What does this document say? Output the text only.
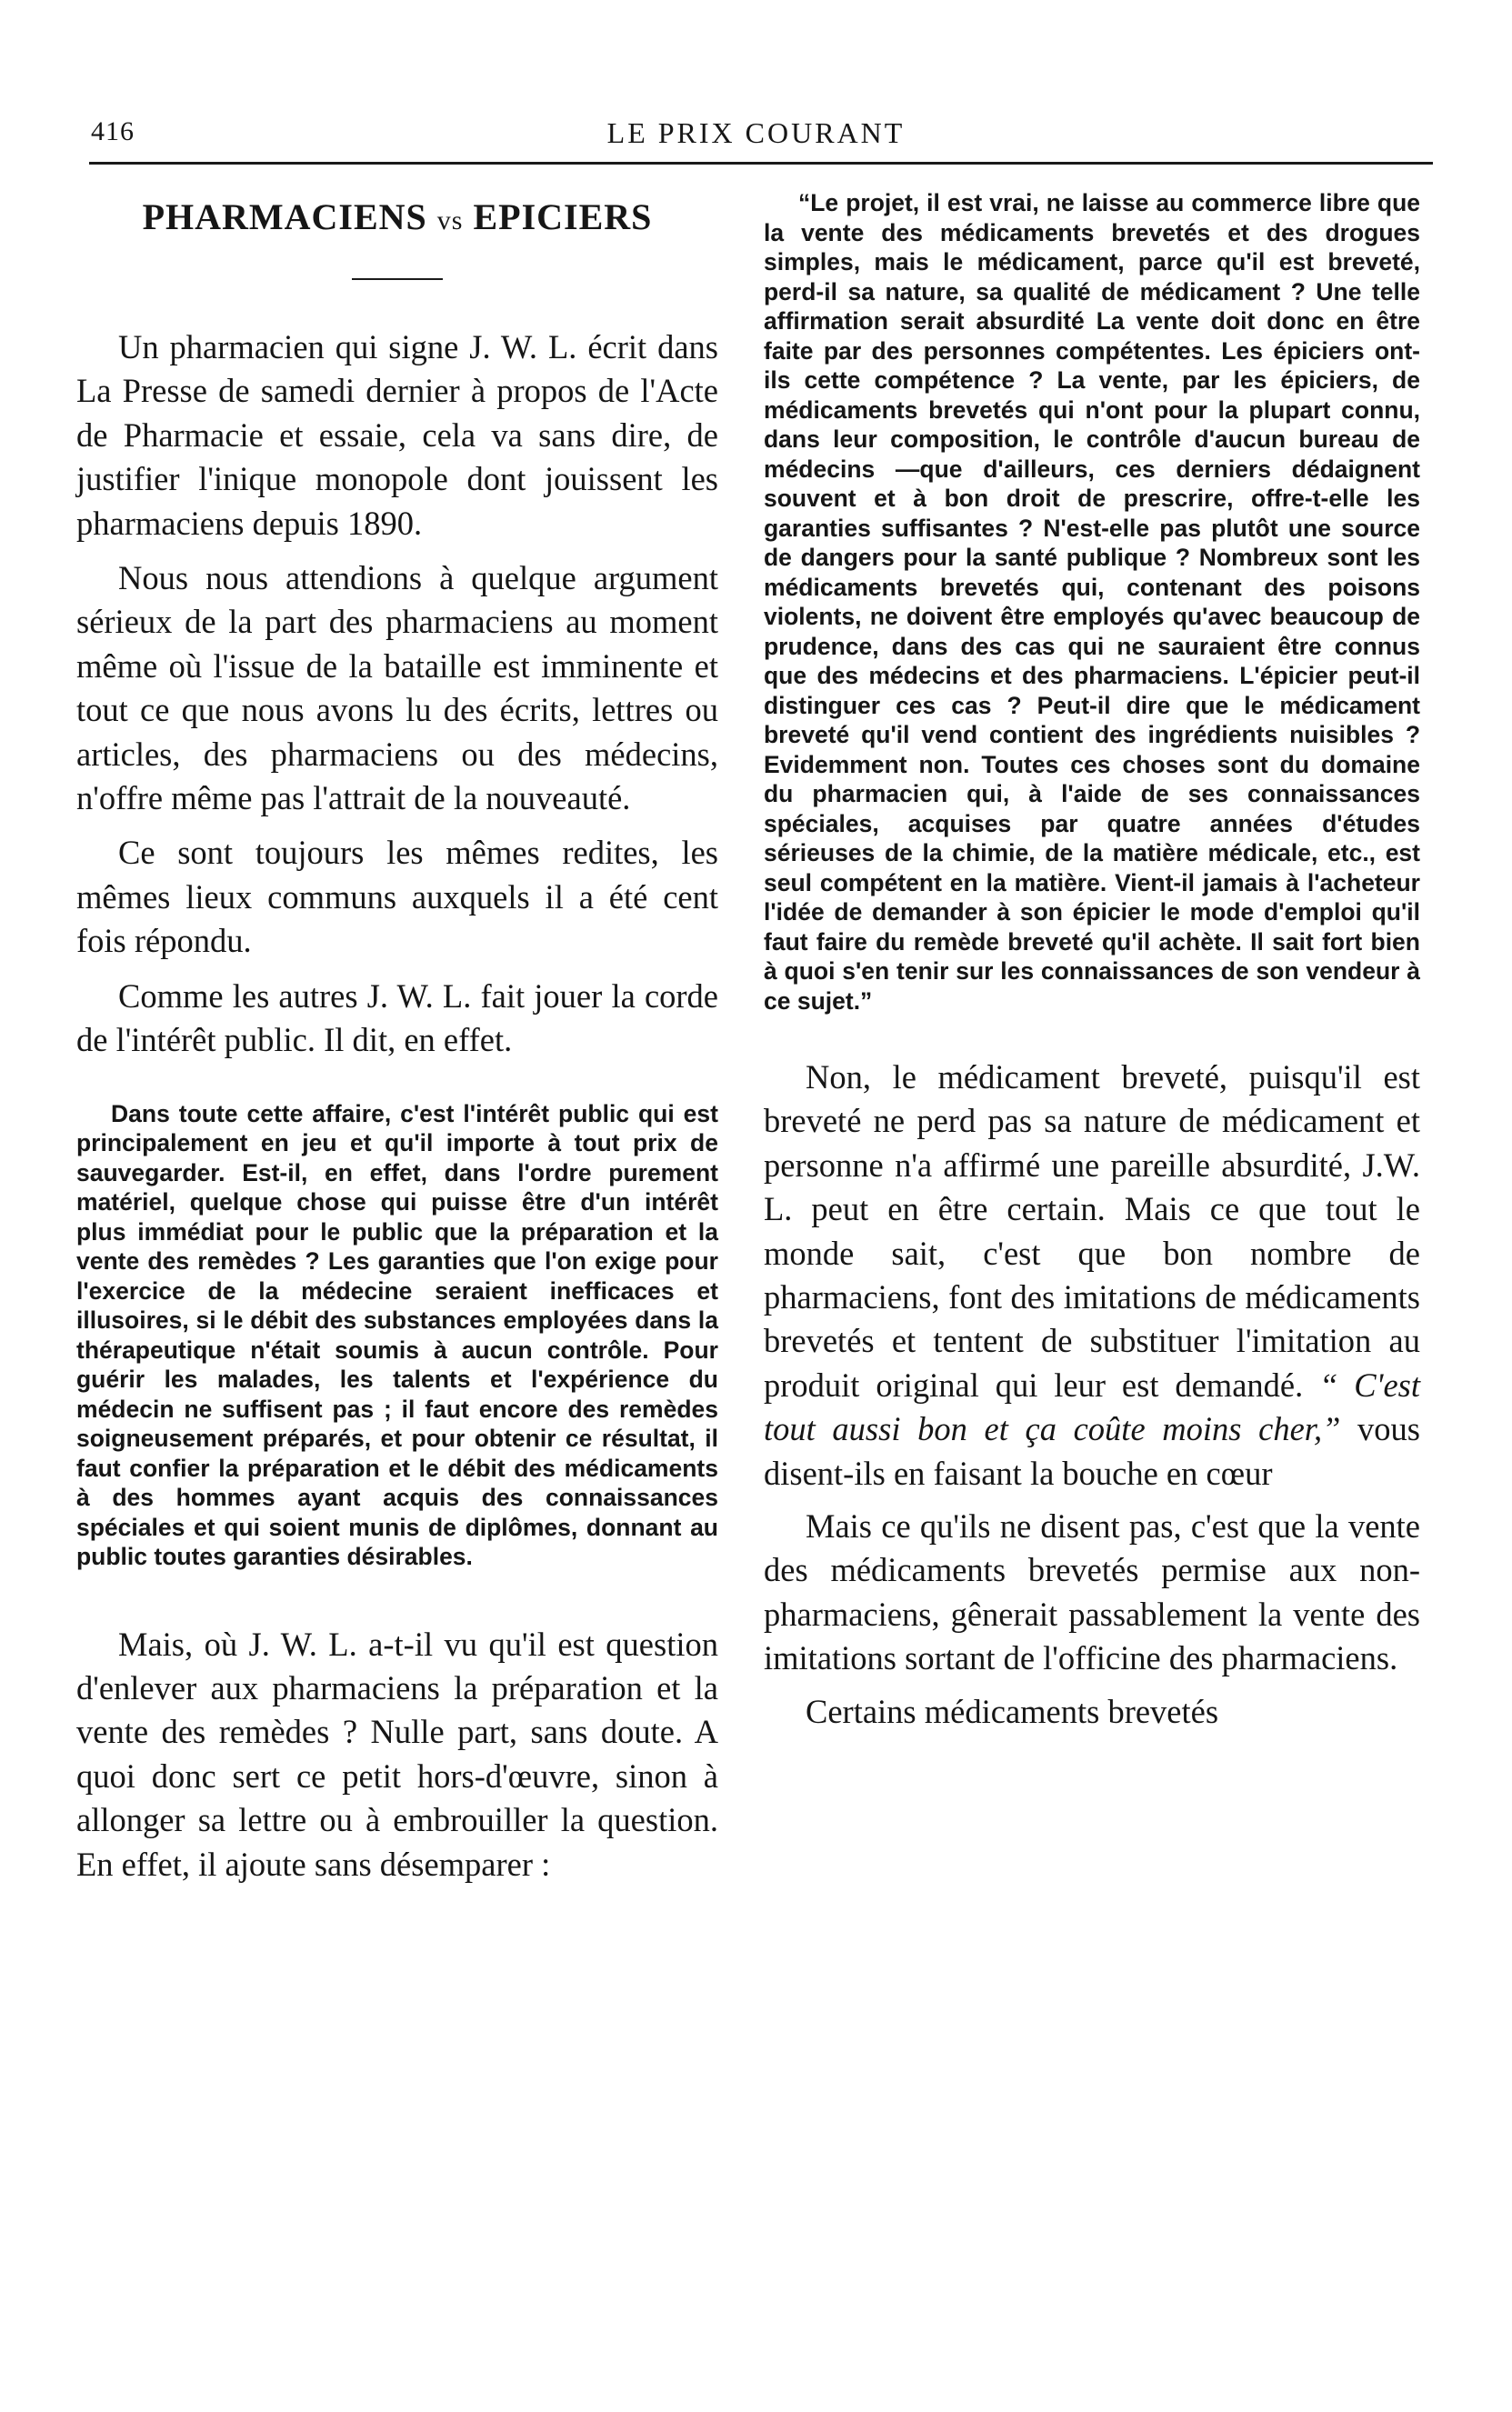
416	LE PRIX COURANT
PHARMACIENS vs EPICIERS

Un pharmacien qui signe J. W. L. écrit dans La Presse de samedi dernier à propos de l'Acte de Pharmacie et essaie, cela va sans dire, de justifier l'inique monopole dont jouissent les pharmaciens depuis 1890.

Nous nous attendions à quelque argument sérieux de la part des pharmaciens au moment même où l'issue de la bataille est imminente et tout ce que nous avons lu des écrits, lettres ou articles, des pharmaciens ou des médecins, n'offre même pas l'attrait de la nouveauté.

Ce sont toujours les mêmes redites, les mêmes lieux communs auxquels il a été cent fois répondu.

Comme les autres J. W. L. fait jouer la corde de l'intérêt public. Il dit, en effet.

Dans toute cette affaire, c'est l'intérêt public qui est principalement en jeu et qu'il importe à tout prix de sauvegarder. Est-il, en effet, dans l'ordre purement matériel, quelque chose qui puisse être d'un intérêt plus immédiat pour le public que la préparation et la vente des remèdes ? Les garanties que l'on exige pour l'exercice de la médecine seraient inefficaces et illusoires, si le débit des substances employées dans la thérapeutique n'était soumis à aucun contrôle. Pour guérir les malades, les talents et l'expérience du médecin ne suffisent pas ; il faut encore des remèdes soigneusement préparés, et pour obtenir ce résultat, il faut confier la préparation et le débit des médicaments à des hommes ayant acquis des connaissances spéciales et qui soient munis de diplômes, donnant au public toutes garanties désirables.

Mais, où J. W. L. a-t-il vu qu'il est question d'enlever aux pharmaciens la préparation et la vente des remèdes ? Nulle part, sans doute. A quoi donc sert ce petit hors-d'œuvre, sinon à allonger sa lettre ou à embrouiller la question. En effet, il ajoute sans désemparer :

“Le projet, il est vrai, ne laisse au commerce libre que la vente des médicaments brevetés et des drogues simples, mais le médicament, parce qu'il est breveté, perd-il sa nature, sa qualité de médicament ? Une telle affirmation serait absurdité La vente doit donc en être faite par des personnes compétentes. Les épiciers ont-ils cette compétence ? La vente, par les épiciers, de médicaments brevetés qui n'ont pour la plupart connu, dans leur composition, le contrôle d'aucun bureau de médecins —que d'ailleurs, ces derniers dédaignent souvent et à bon droit de prescrire, offre-t-elle les garanties suffisantes ? N'est-elle pas plutôt une source de dangers pour la santé publique ? Nombreux sont les médicaments brevetés qui, contenant des poisons violents, ne doivent être employés qu'avec beaucoup de prudence, dans des cas qui ne sauraient être connus que des médecins et des pharmaciens. L'épicier peut-il distinguer ces cas ? Peut-il dire que le médicament breveté qu'il vend contient des ingrédients nuisibles ? Evidemment non. Toutes ces choses sont du domaine du pharmacien qui, à l'aide de ses connaissances spéciales, acquises par quatre années d'études sérieuses de la chimie, de la matière médicale, etc., est seul compétent en la matière. Vient-il jamais à l'acheteur l'idée de demander à son épicier le mode d'emploi qu'il faut faire du remède breveté qu'il achète. Il sait fort bien à quoi s'en tenir sur les connaissances de son vendeur à ce sujet.”

Non, le médicament breveté, puisqu'il est breveté ne perd pas sa nature de médicament et personne n'a affirmé une pareille absurdité, J.W. L. peut en être certain. Mais ce que tout le monde sait, c'est que bon nombre de pharmaciens, font des imitations de médicaments brevetés et tentent de substituer l'imitation au produit original qui leur est demandé. “ C'est tout aussi bon et ça coûte moins cher,” vous disent-ils en faisant la bouche en cœur

Mais ce qu'ils ne disent pas, c'est que la vente des médicaments brevetés permise aux non-pharmaciens, gênerait passablement la vente des imitations sortant de l'officine des pharmaciens.

Certains médicaments brevetés
